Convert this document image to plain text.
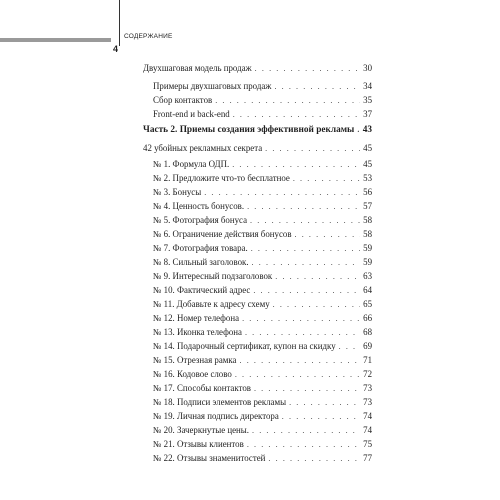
СОДЕРЖАНИЕ
4
Двухшаговая модель продаж . . .	30
Примеры двухшаговых продаж . . .	34
Сбор контактов . . .	35
Front-end и back-end . . .	37
Часть 2. Приемы создания эффективной рекламы . . . 43
42 убойных рекламных секрета . . .	45
№ 1. Формула ОДП. . . .	45
№ 2. Предложите что-то бесплатное . . .	53
№ 3. Бонусы . . .	56
№ 4. Ценность бонусов. . . .	57
№ 5. Фотография бонуса . . .	58
№ 6. Ограничение действия бонусов . . .	58
№ 7. Фотография товара. . . .	59
№ 8. Сильный заголовок. . . .	59
№ 9. Интересный подзаголовок . . .	63
№ 10. Фактический адрес . . .	64
№ 11. Добавьте к адресу схему . . .	65
№ 12. Номер телефона . . .	66
№ 13. Иконка телефона . . .	68
№ 14. Подарочный сертификат, купон на скидку . . .	69
№ 15. Отрезная рамка . . .	71
№ 16. Кодовое слово . . .	72
№ 17. Способы контактов . . .	73
№ 18. Подписи элементов рекламы . . .	73
№ 19. Личная подпись директора . . .	74
№ 20. Зачеркнутые цены. . . .	74
№ 21. Отзывы клиентов . . .	75
№ 22. Отзывы знаменитостей . . .	77
